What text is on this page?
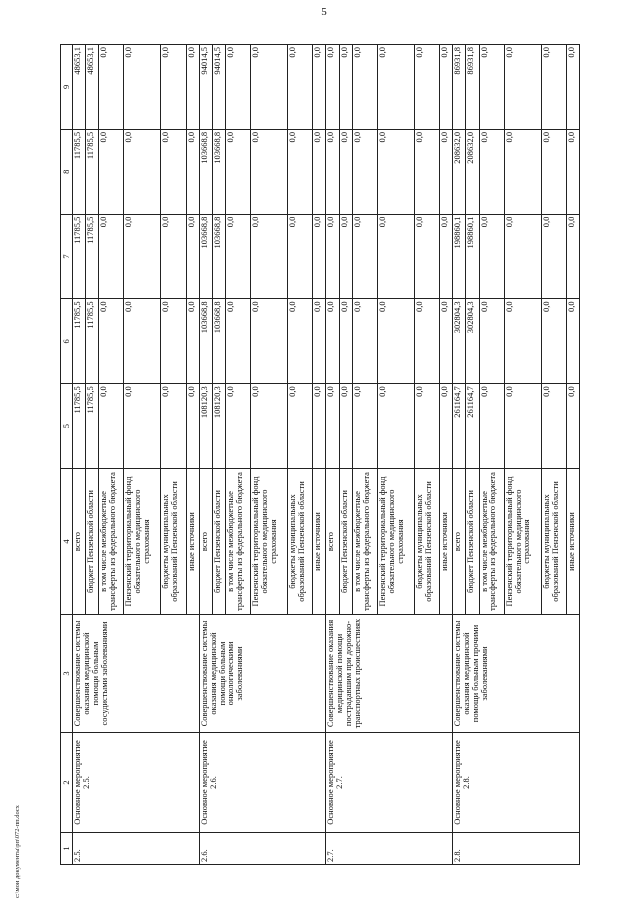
5
1	2	3	4	5	6	7	8	9
2.5.	Основное мероприятие 2.5.	Совершенствование системы оказания медицинской помощи больным сосудистыми заболеваниями	всего	11785,5	11785,5	11785,5	11785,5	48653,1
			бюджет Пензенской области	11785,5	11785,5	11785,5	11785,5	48653,1
			в том числе межбюджетные трансферты из федерального бюджета	0,0	0,0	0,0	0,0	0,0
			Пензенский территориальный фонд обязательного медицинского страхования	0,0	0,0	0,0	0,0	0,0
			бюджеты муниципальных образований Пензенской области	0,0	0,0	0,0	0,0	0,0
			иные источники	0,0	0,0	0,0	0,0	0,0
2.6.	Основное мероприятие 2.6.	Совершенствование системы оказания медицинской помощи больным онкологическими заболеваниями	всего	108120,3	103668,8	103668,8	103668,8	94014,5
			бюджет Пензенской области	108120,3	103668,8	103668,8	103668,8	94014,5
			в том числе межбюджетные трансферты из федерального бюджета	0,0	0,0	0,0	0,0	0,0
			Пензенский территориальный фонд обязательного медицинского страхования	0,0	0,0	0,0	0,0	0,0
			бюджеты муниципальных образований Пензенской области	0,0	0,0	0,0	0,0	0,0
			иные источники	0,0	0,0	0,0	0,0	0,0
2.7.	Основное мероприятие 2.7.	Совершенствование оказания медицинской помощи пострадавшим при дорожно-транспортных происшествиях	всего	0,0	0,0	0,0	0,0	0,0
			бюджет Пензенской области	0,0	0,0	0,0	0,0	0,0
			в том числе межбюджетные трансферты из федерального бюджета	0,0	0,0	0,0	0,0	0,0
			Пензенский территориальный фонд обязательного медицинского страхования	0,0	0,0	0,0	0,0	0,0
			бюджеты муниципальных образований Пензенской области	0,0	0,0	0,0	0,0	0,0
			иные источники	0,0	0,0	0,0	0,0	0,0
2.8.	Основное мероприятие 2.8.	Совершенствование системы оказания медицинской помощи больным прочими заболеваниями	всего	261164,7	302804,3	198860,1	208632,0	86931,8
			бюджет Пензенской области	261164,7	302804,3	198860,1	208632,0	86931,8
			в том числе межбюджетные трансферты из федерального бюджета	0,0	0,0	0,0	0,0	0,0
			Пензенский территориальный фонд обязательного медицинского страхования	0,0	0,0	0,0	0,0	0,0
			бюджеты муниципальных образований Пензенской области	0,0	0,0	0,0	0,0	0,0
			иные источники	0,0	0,0	0,0	0,0	0,0
c:\мои документы\рп\072-пп.docx
